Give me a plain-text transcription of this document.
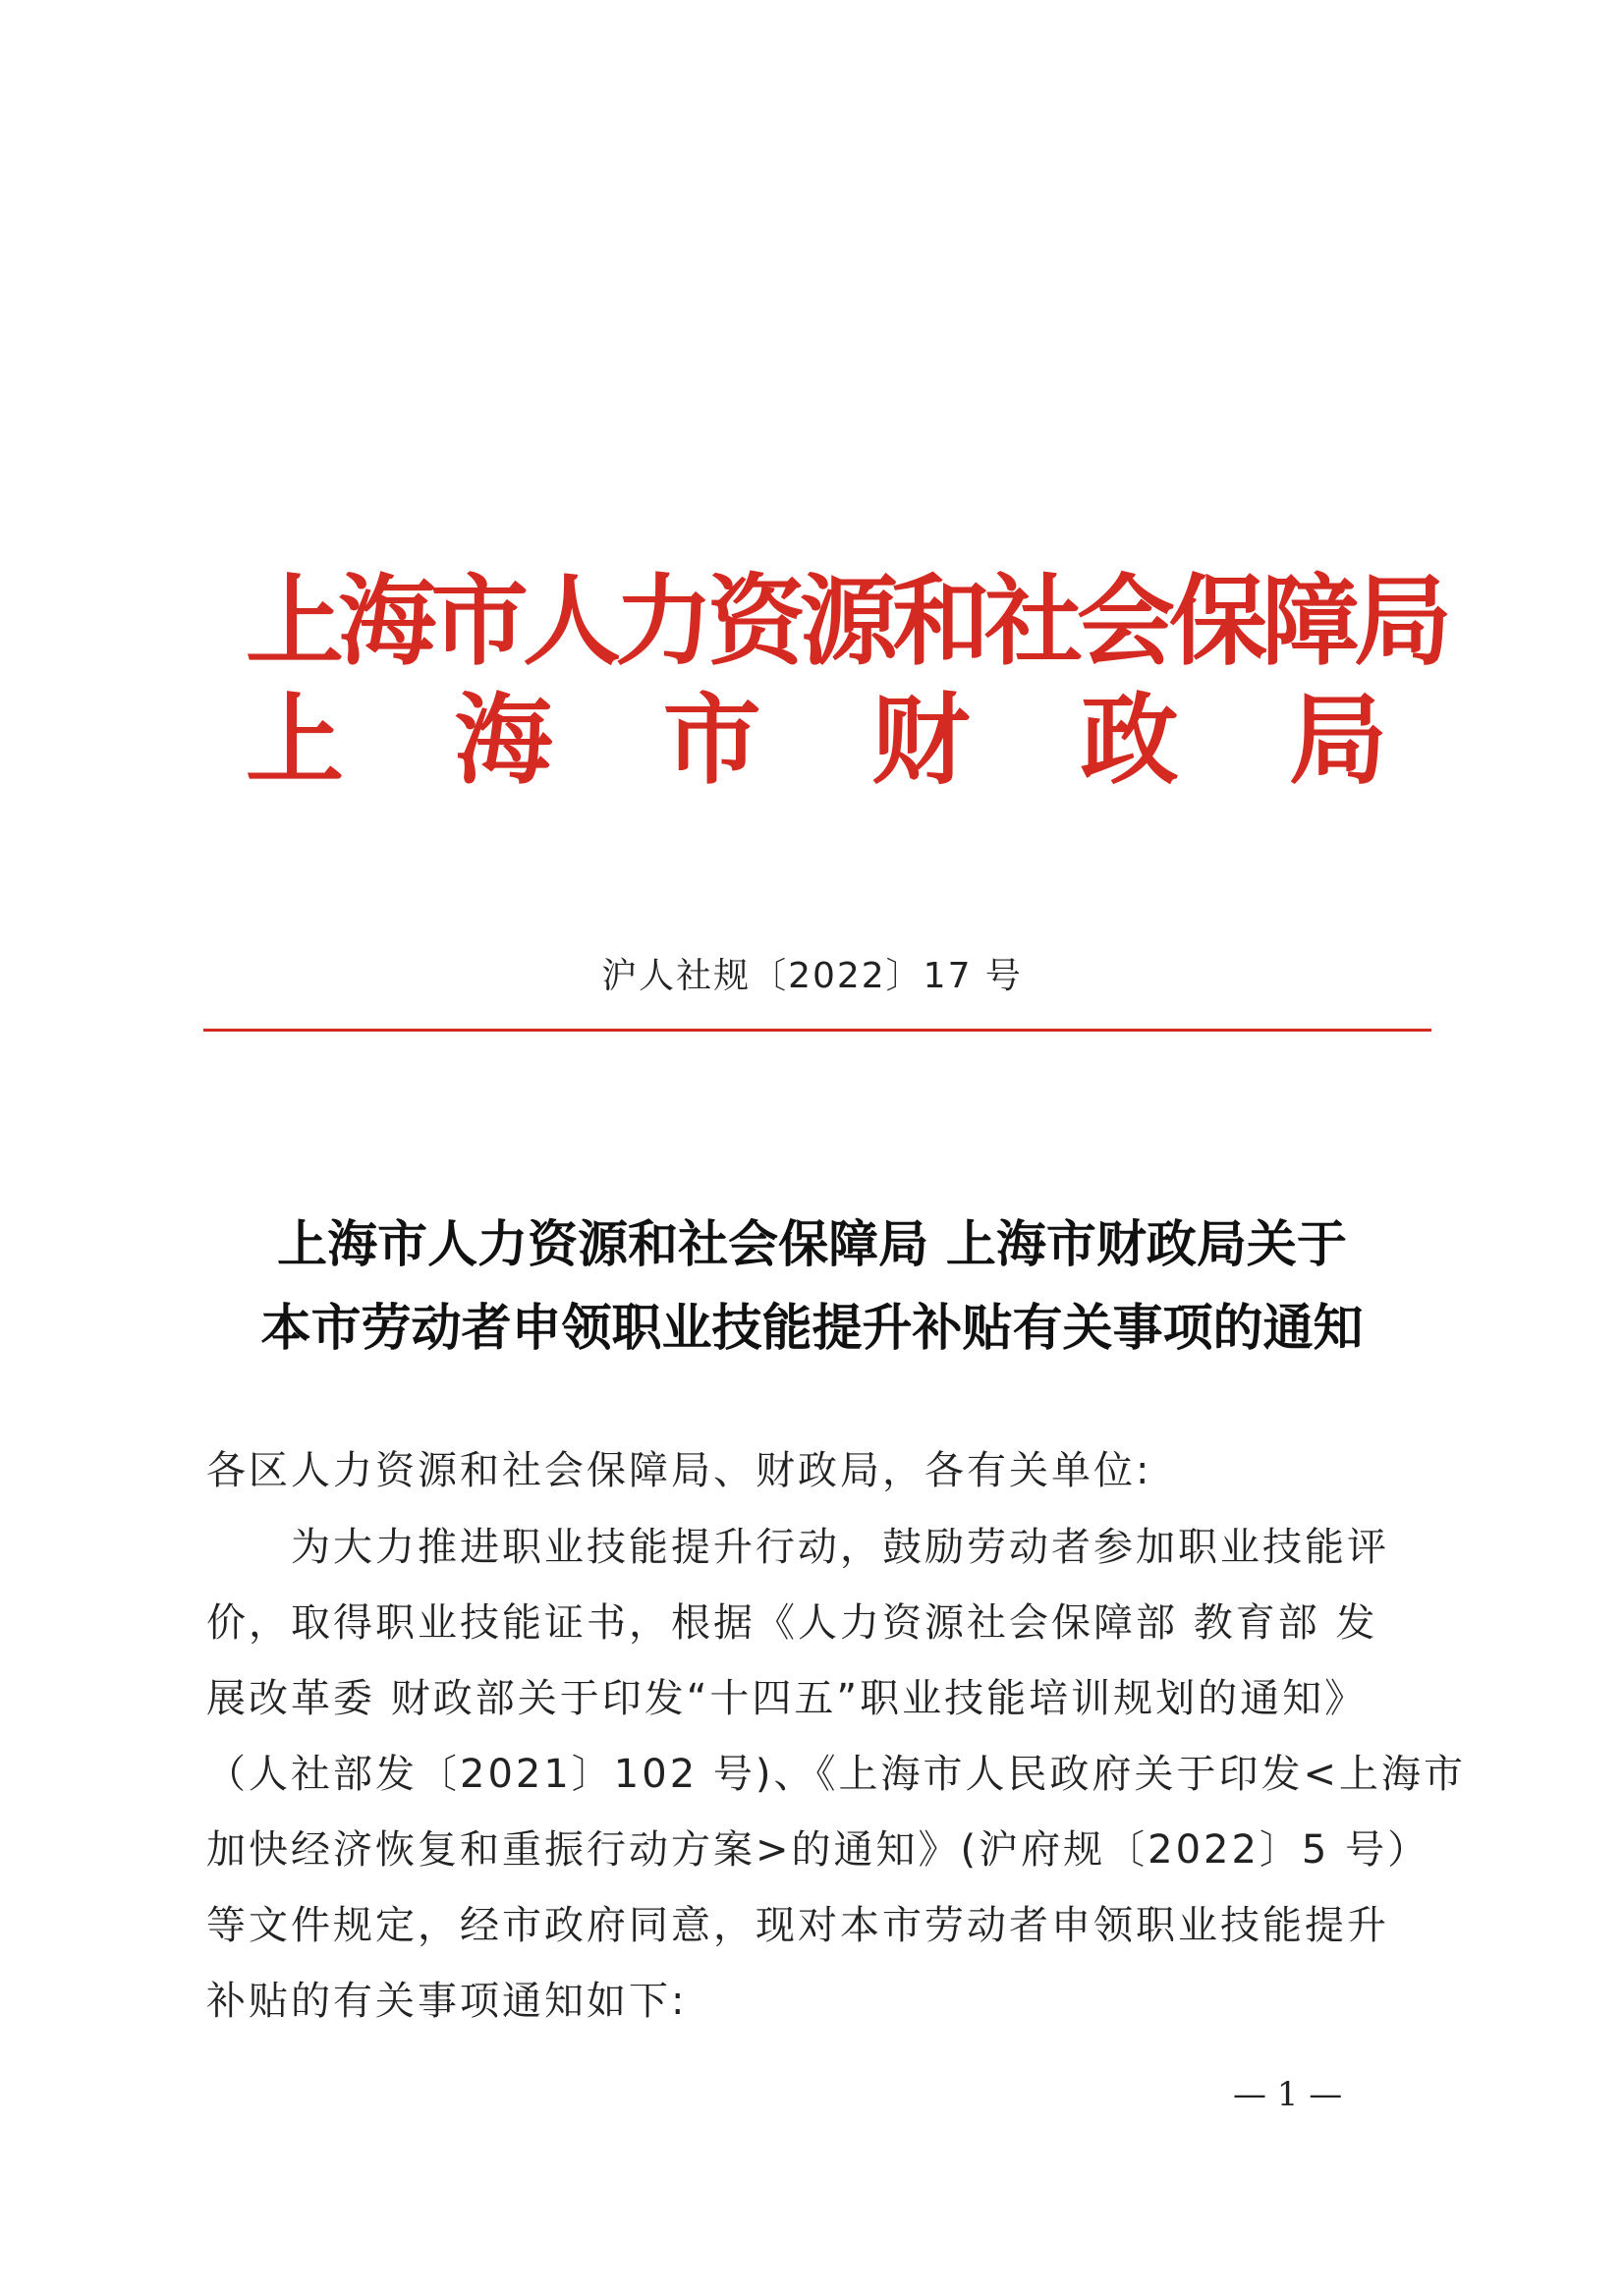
上海市人力资源和社会保障局
上 海 市 财 政 局
沪人社规〔2022〕17 号
上海市人力资源和社会保障局 上海市财政局关于
本市劳动者申领职业技能提升补贴有关事项的通知
各区人力资源和社会保障局、财政局，各有关单位:
　　为大力推进职业技能提升行动，鼓励劳动者参加职业技能评
价，取得职业技能证书，根据《人力资源社会保障部 教育部 发
展改革委 财政部关于印发“十四五”职业技能培训规划的通知》
（人社部发〔2021〕102 号)、《上海市人民政府关于印发<上海市
加快经济恢复和重振行动方案>的通知》(沪府规〔2022〕5 号）
等文件规定，经市政府同意，现对本市劳动者申领职业技能提升
补贴的有关事项通知如下:
— 1 —
